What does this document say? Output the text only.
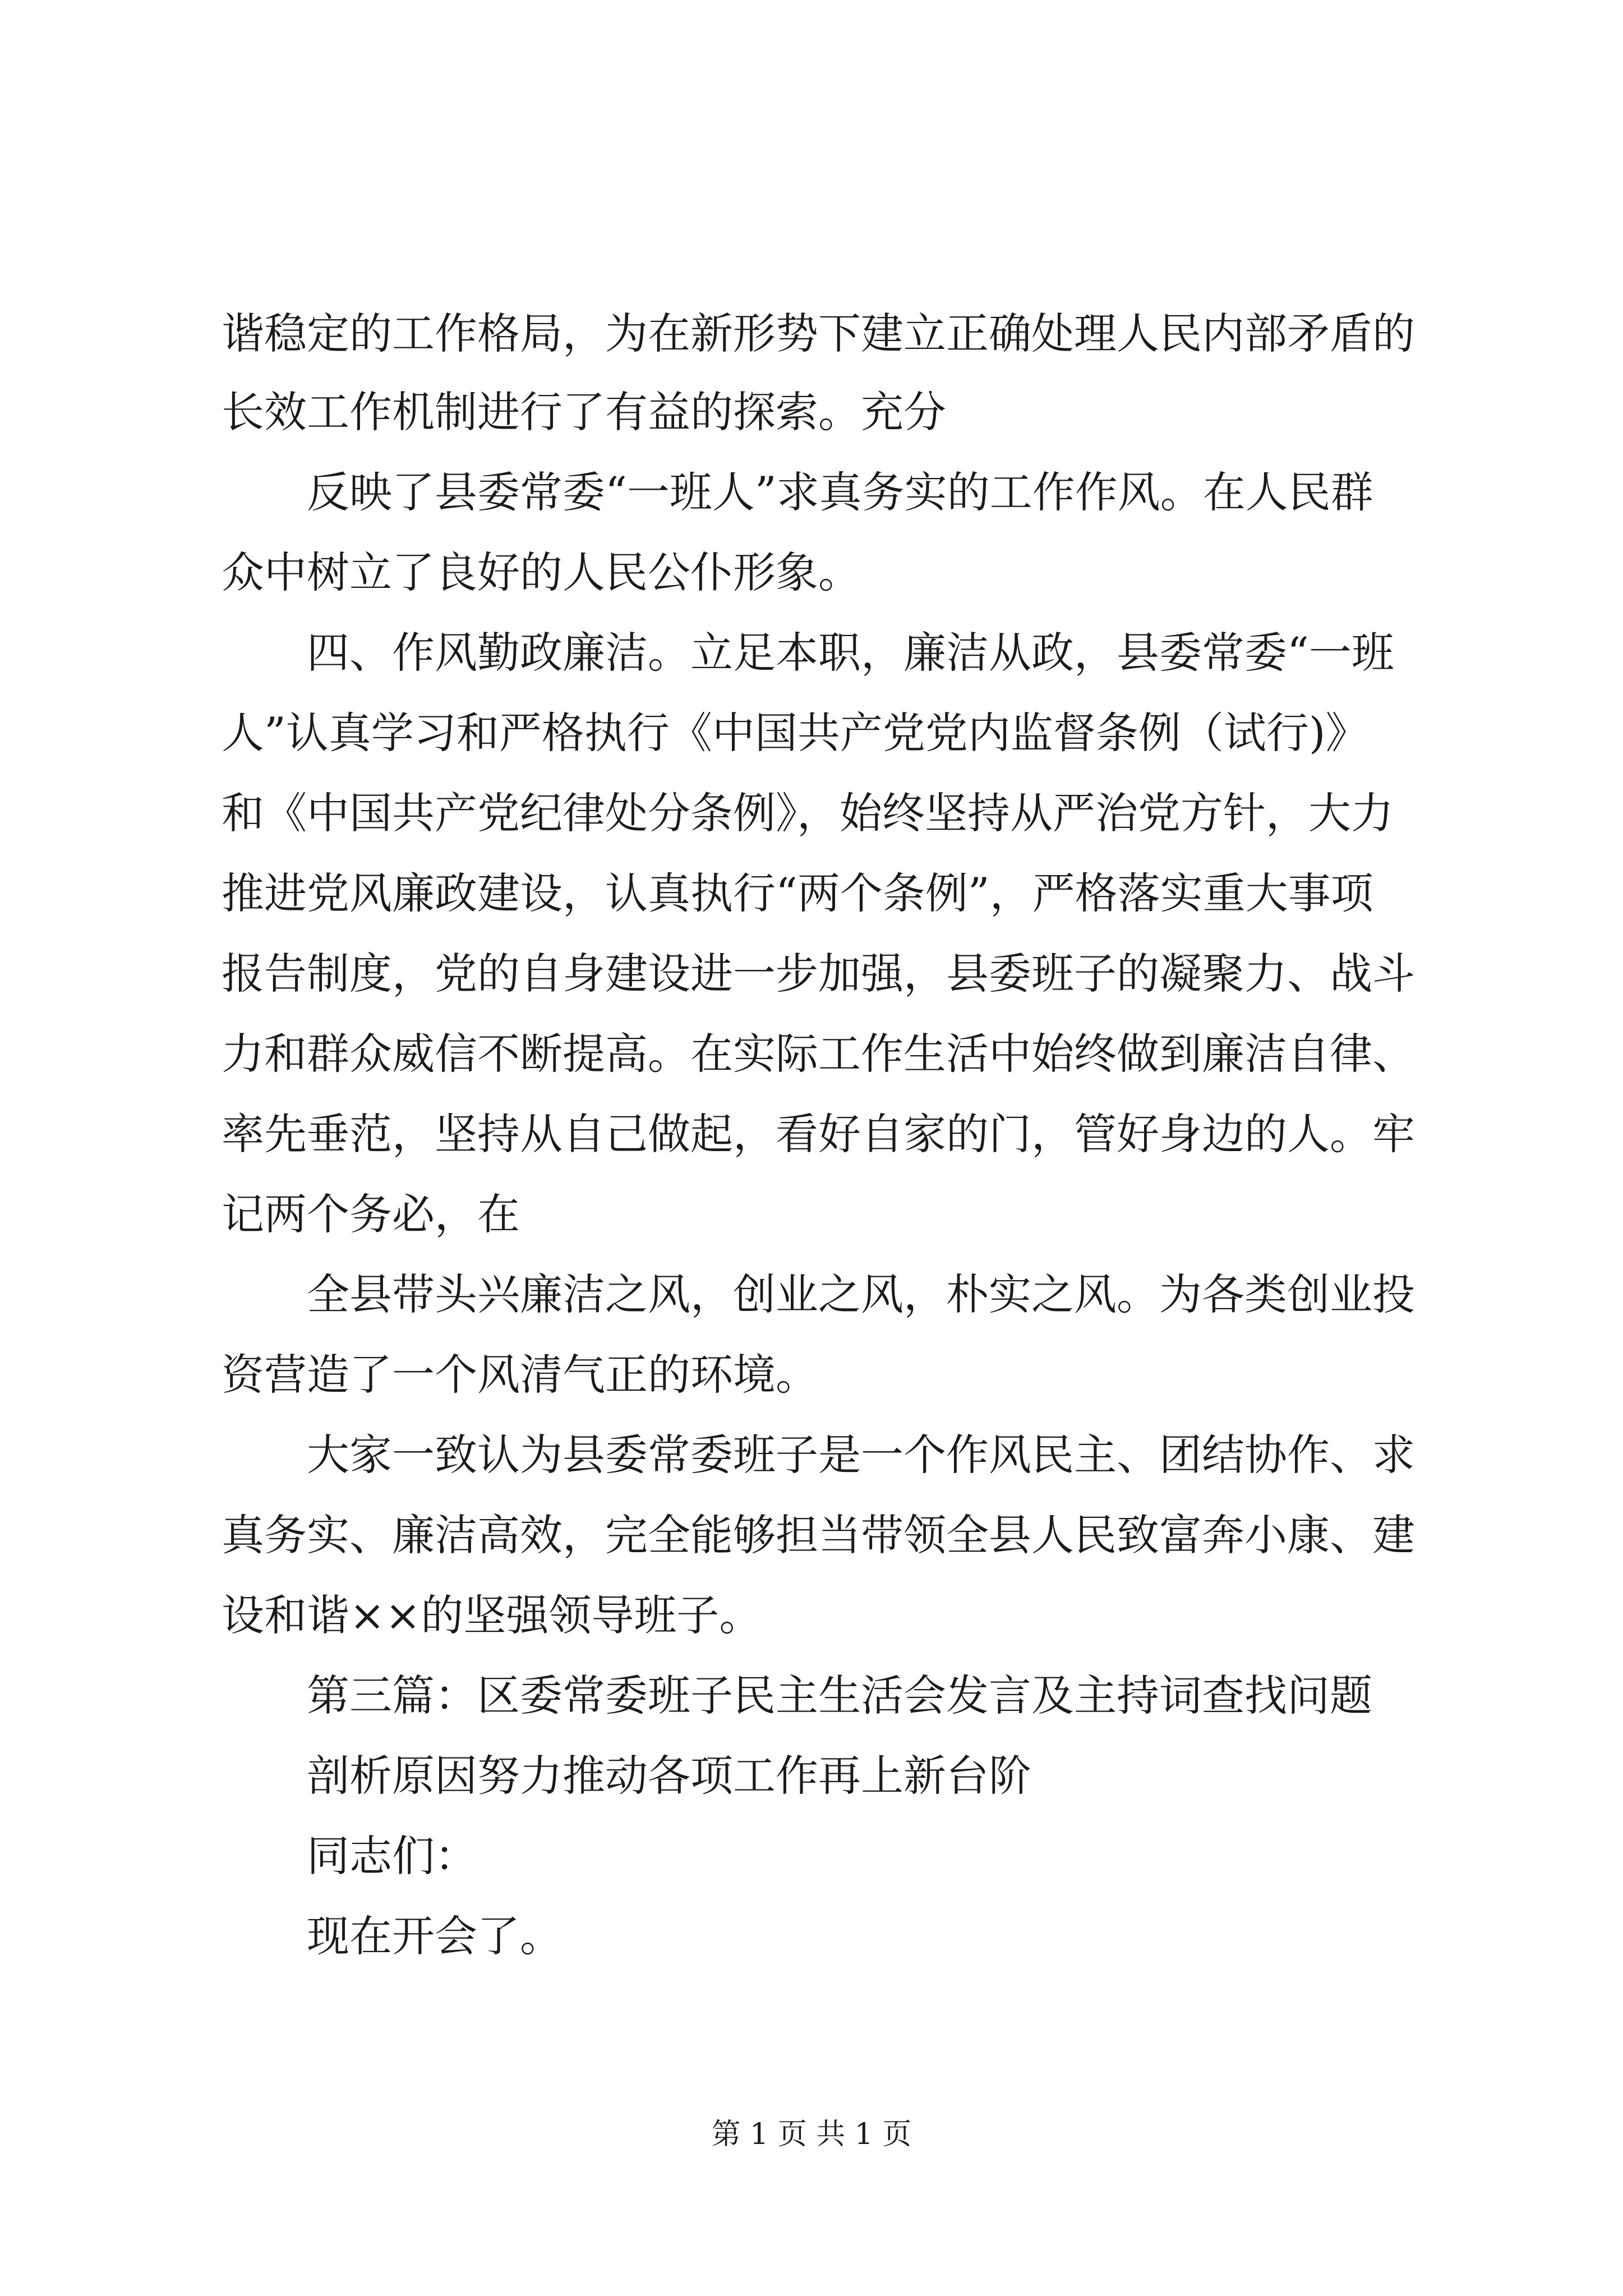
谐稳定的工作格局，为在新形势下建立正确处理人民内部矛盾的
长效工作机制进行了有益的探索。充分
反映了县委常委“一班人”求真务实的工作作风。在人民群
众中树立了良好的人民公仆形象。
四、作风勤政廉洁。立足本职，廉洁从政，县委常委“一班
人”认真学习和严格执行《中国共产党党内监督条例（试行)》
和《中国共产党纪律处分条例》，始终坚持从严治党方针，大力
推进党风廉政建设，认真执行“两个条例”，严格落实重大事项
报告制度，党的自身建设进一步加强，县委班子的凝聚力、战斗
力和群众威信不断提高。在实际工作生活中始终做到廉洁自律、
率先垂范，坚持从自己做起，看好自家的门，管好身边的人。牢
记两个务必，在
全县带头兴廉洁之风，创业之风，朴实之风。为各类创业投
资营造了一个风清气正的环境。
大家一致认为县委常委班子是一个作风民主、团结协作、求
真务实、廉洁高效，完全能够担当带领全县人民致富奔小康、建
设和谐××的坚强领导班子。
第三篇：区委常委班子民主生活会发言及主持词查找问题
剖析原因努力推动各项工作再上新台阶
同志们：
现在开会了。
第 1 页 共 1 页
